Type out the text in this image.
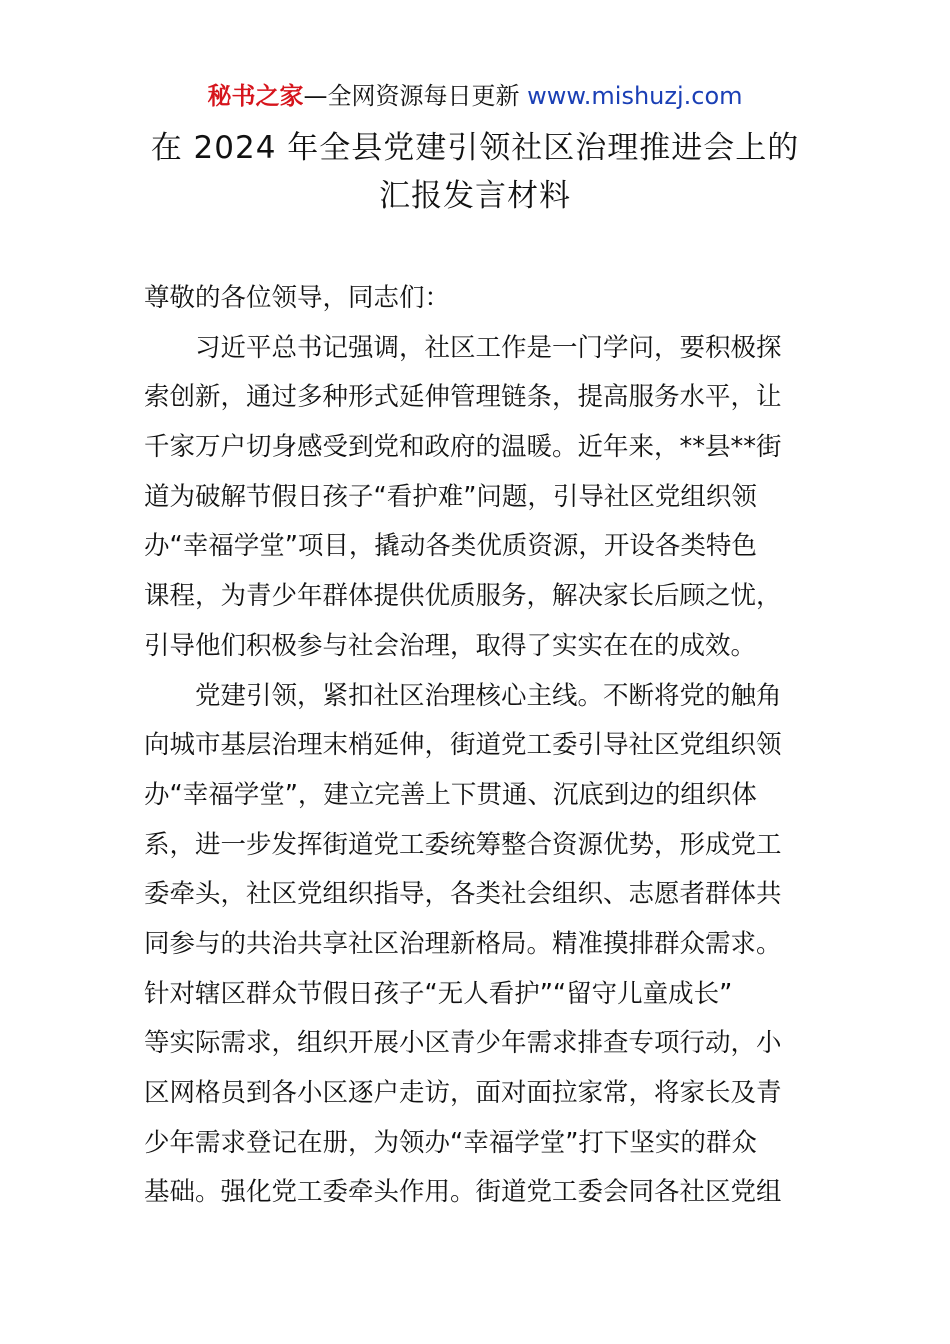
秘书之家—全网资源每日更新 www.mishuzj.com
在 2024 年全县党建引领社区治理推进会上的
汇报发言材料
尊敬的各位领导，同志们：
　　习近平总书记强调，社区工作是一门学问，要积极探
索创新，通过多种形式延伸管理链条，提高服务水平，让
千家万户切身感受到党和政府的温暖。近年来，**县**街
道为破解节假日孩子“看护难”问题，引导社区党组织领
办“幸福学堂”项目，撬动各类优质资源，开设各类特色
课程，为青少年群体提供优质服务，解决家长后顾之忧，
引导他们积极参与社会治理，取得了实实在在的成效。
　　党建引领，紧扣社区治理核心主线。不断将党的触角
向城市基层治理末梢延伸，街道党工委引导社区党组织领
办“幸福学堂”，建立完善上下贯通、沉底到边的组织体
系，进一步发挥街道党工委统筹整合资源优势，形成党工
委牵头，社区党组织指导，各类社会组织、志愿者群体共
同参与的共治共享社区治理新格局。精准摸排群众需求。
针对辖区群众节假日孩子“无人看护”“留守儿童成长”
等实际需求，组织开展小区青少年需求排查专项行动，小
区网格员到各小区逐户走访，面对面拉家常，将家长及青
少年需求登记在册，为领办“幸福学堂”打下坚实的群众
基础。强化党工委牵头作用。街道党工委会同各社区党组
